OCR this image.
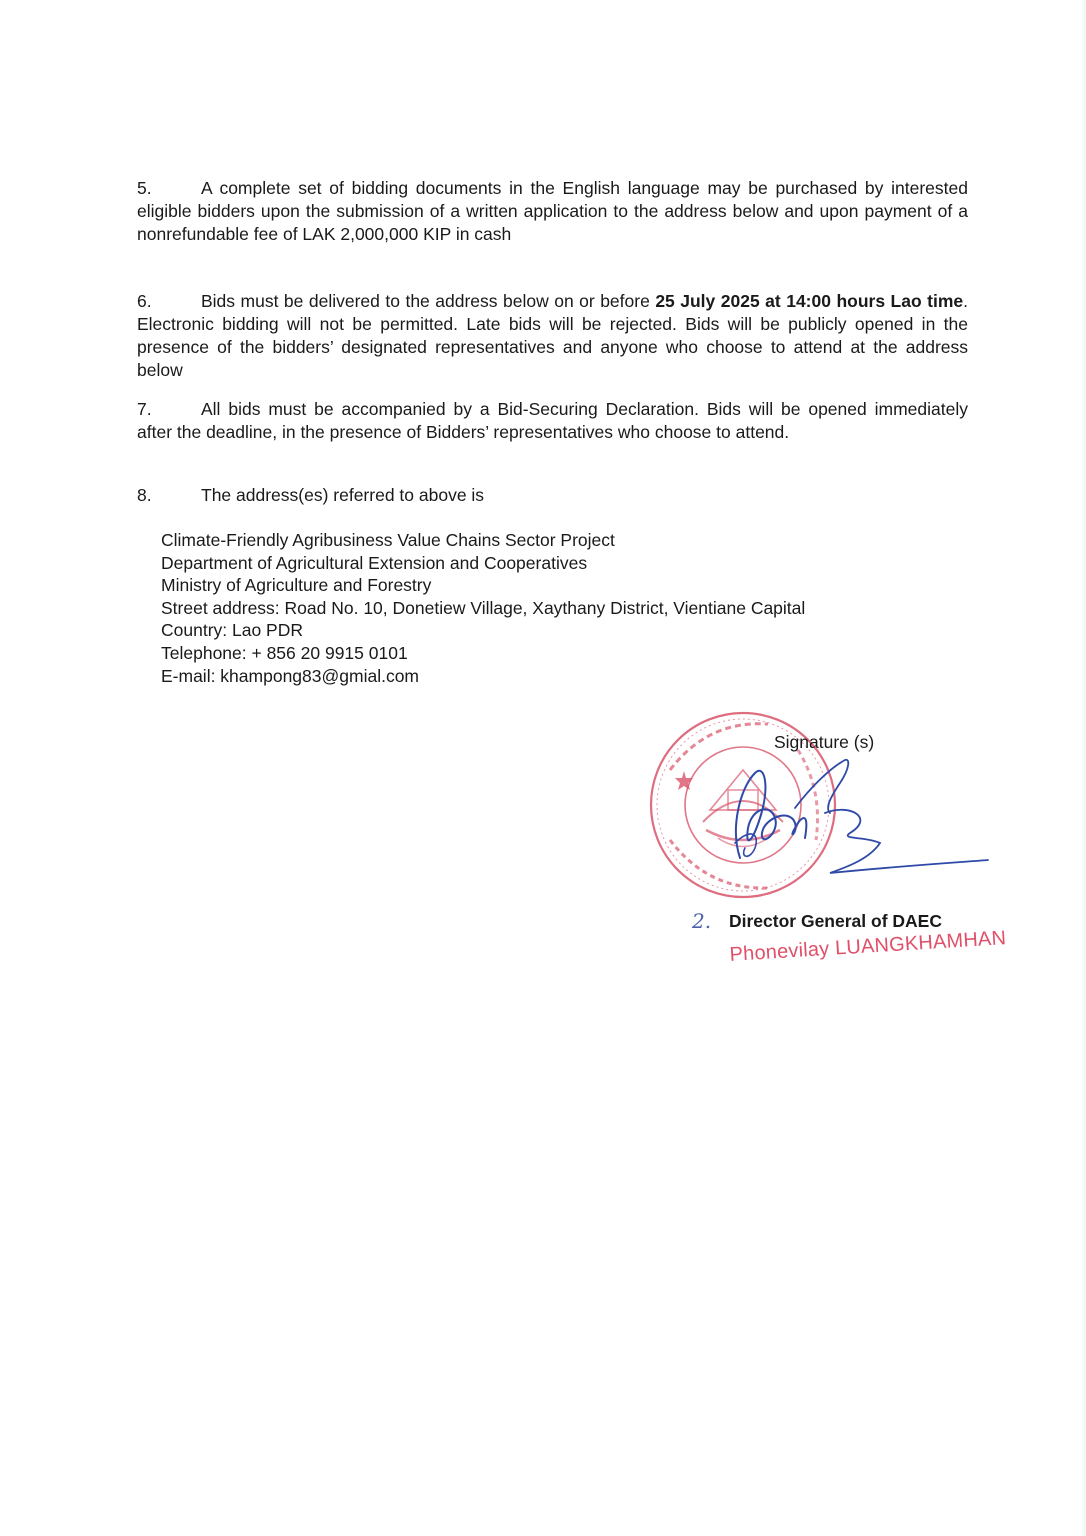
5.	A complete set of bidding documents in the English language may be purchased by interested eligible bidders upon the submission of a written application to the address below and upon payment of a nonrefundable fee of LAK 2,000,000 KIP in cash
6.	Bids must be delivered to the address below on or before 25 July 2025 at 14:00 hours Lao time. Electronic bidding will not be permitted. Late bids will be rejected. Bids will be publicly opened in the presence of the bidders’ designated representatives and anyone who choose to attend at the address below
7.	All bids must be accompanied by a Bid-Securing Declaration. Bids will be opened immediately after the deadline, in the presence of Bidders’ representatives who choose to attend.
8.	The address(es) referred to above is
Climate-Friendly Agribusiness Value Chains Sector Project
Department of Agricultural Extension and Cooperatives
Ministry of Agriculture and Forestry
Street address: Road No. 10, Donetiew Village, Xaythany District, Vientiane Capital
Country: Lao PDR
Telephone: + 856 20 9915 0101
E-mail: khampong83@gmial.com
Signature (s)
2. Director General of DAEC
Phonevilay LUANGKHAMHAN
